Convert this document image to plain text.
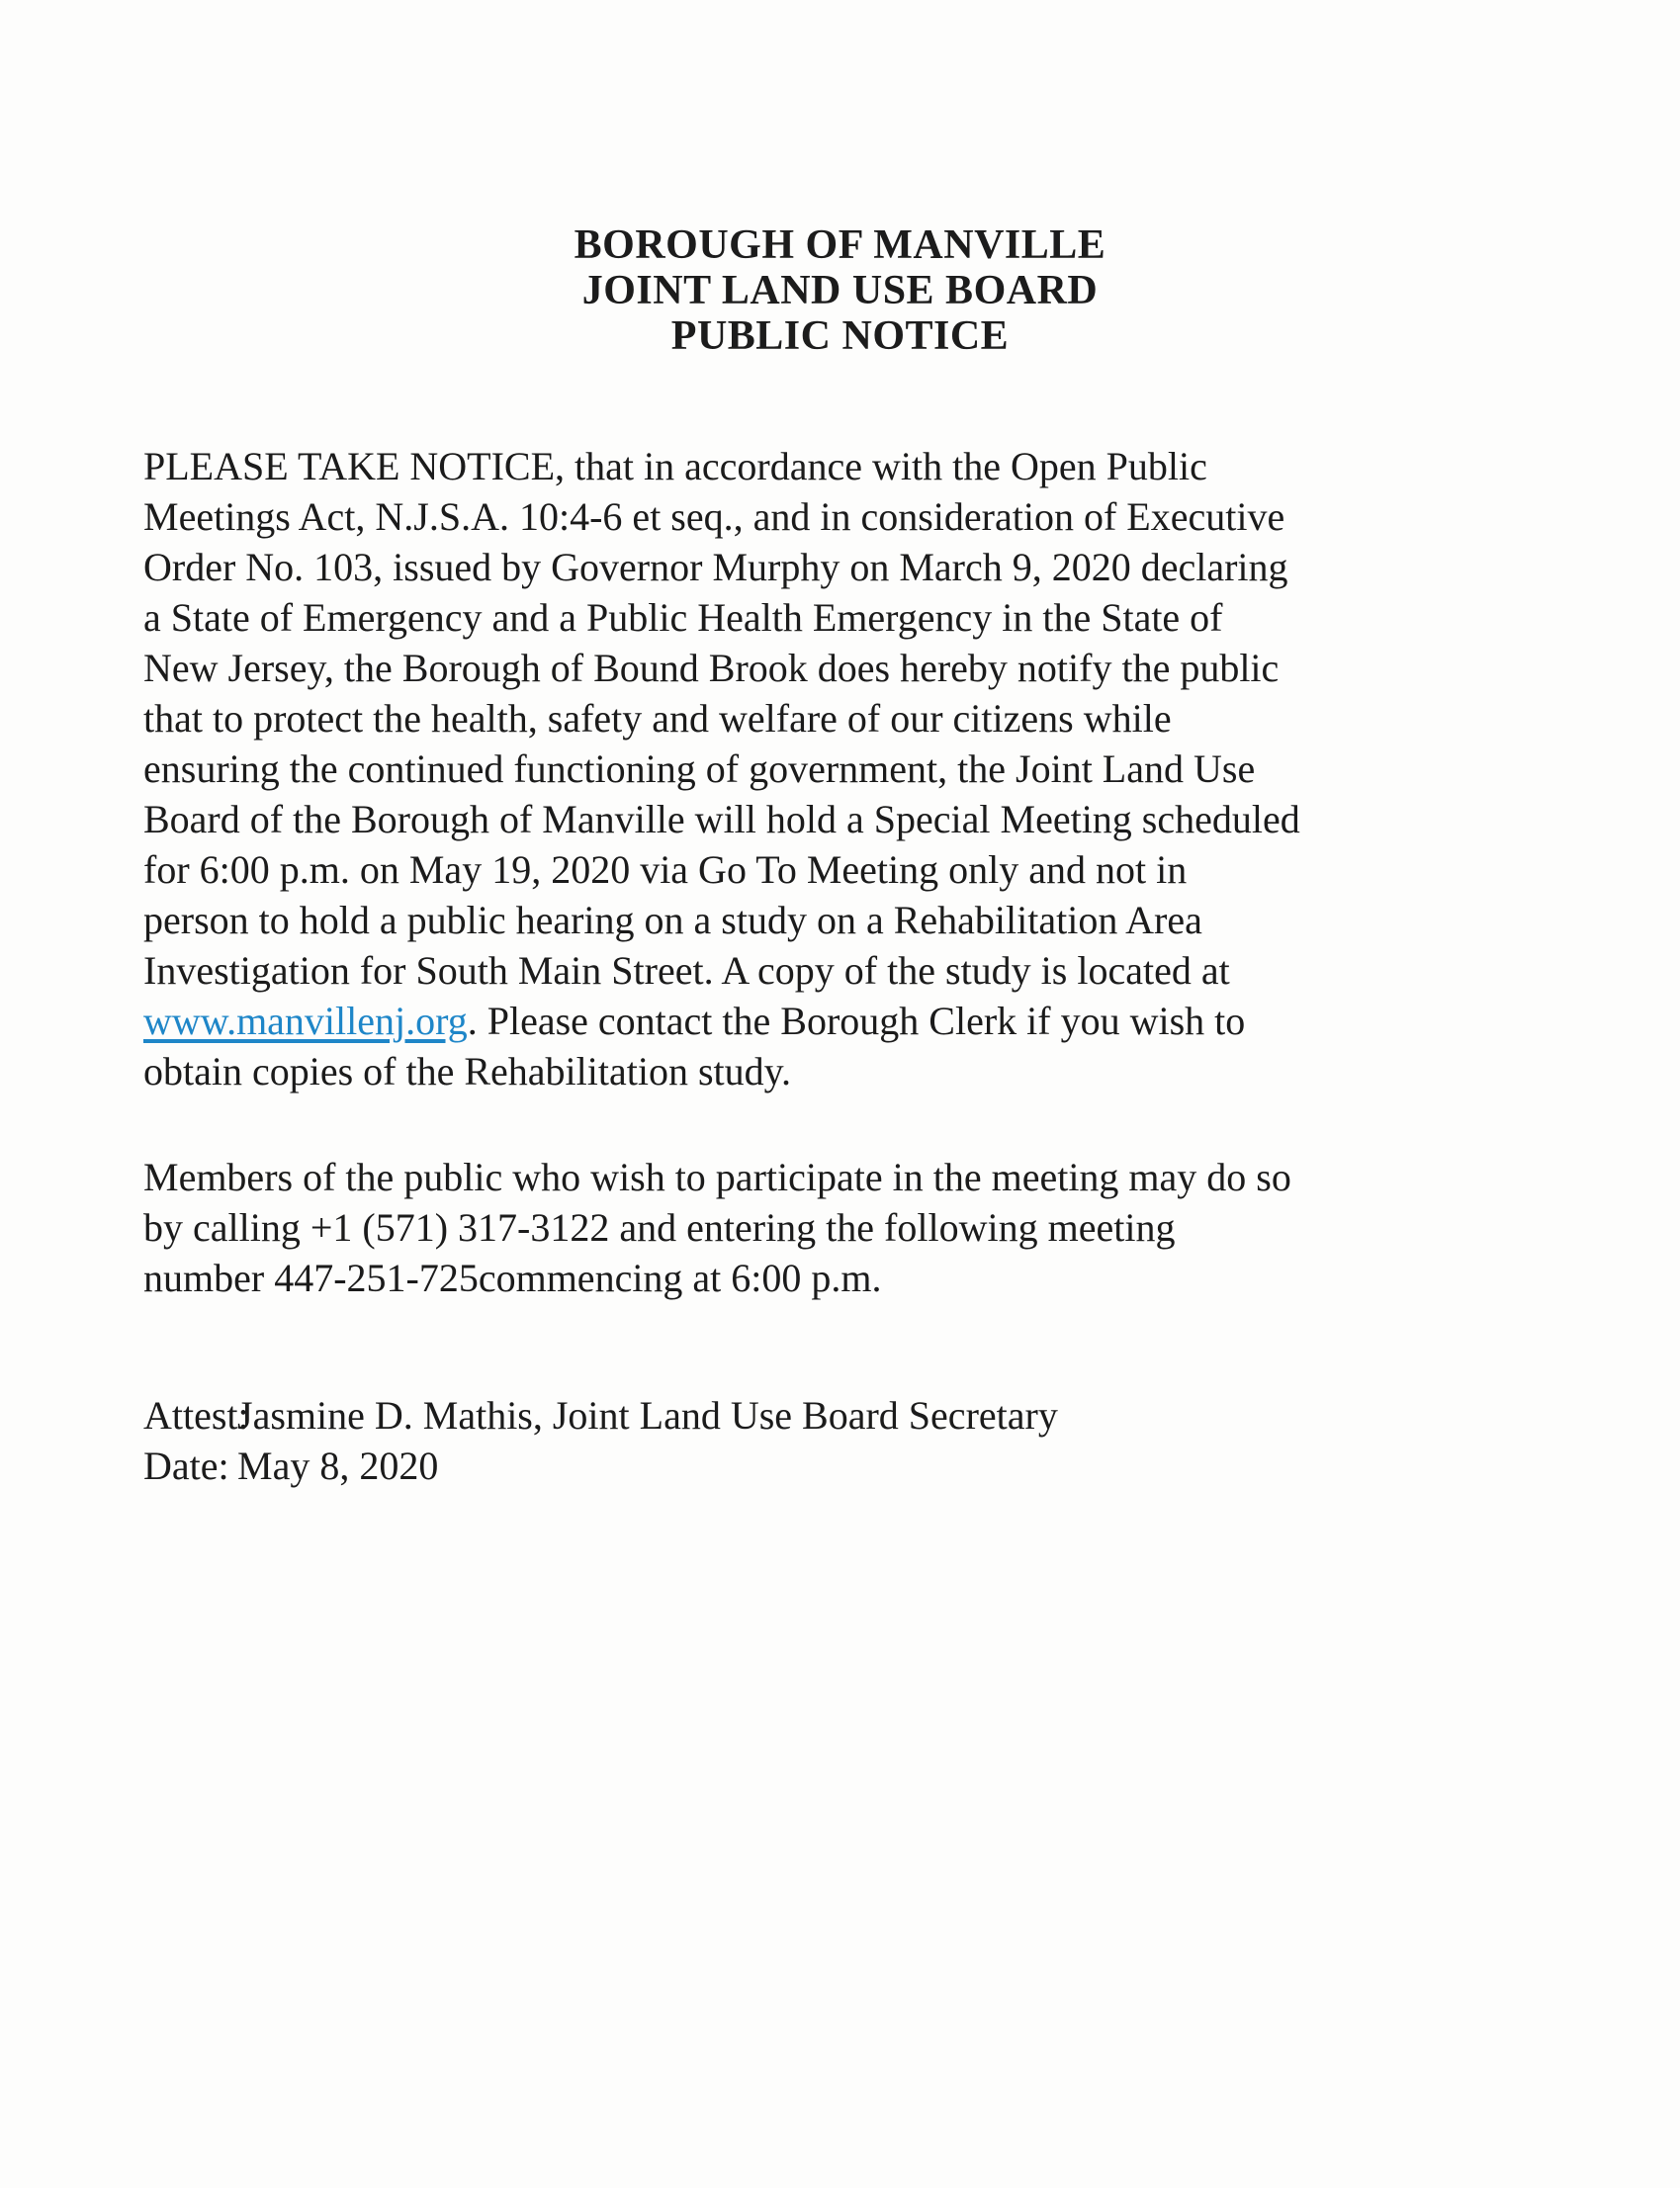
BOROUGH OF MANVILLE
JOINT LAND USE BOARD
PUBLIC NOTICE
PLEASE TAKE NOTICE, that in accordance with the Open Public
Meetings Act, N.J.S.A. 10:4-6 et seq., and in consideration of Executive
Order No. 103, issued by Governor Murphy on March 9, 2020 declaring
a State of Emergency and a Public Health Emergency in the State of
New Jersey, the Borough of Bound Brook does hereby notify the public
that to protect the health, safety and welfare of our citizens while
ensuring the continued functioning of government, the Joint Land Use
Board of the Borough of Manville will hold a Special Meeting scheduled
for 6:00 p.m. on May 19, 2020 via Go To Meeting only and not in
person to hold a public hearing on a study on a Rehabilitation Area
Investigation for South Main Street. A copy of the study is located at
www.manvillenj.org. Please contact the Borough Clerk if you wish to
obtain copies of the Rehabilitation study.
Members of the public who wish to participate in the meeting may do so
by calling +1 (571) 317-3122 and entering the following meeting
number 447-251-725commencing at 6:00 p.m.
Attest:Jasmine D. Mathis, Joint Land Use Board Secretary
Date: May 8, 2020
